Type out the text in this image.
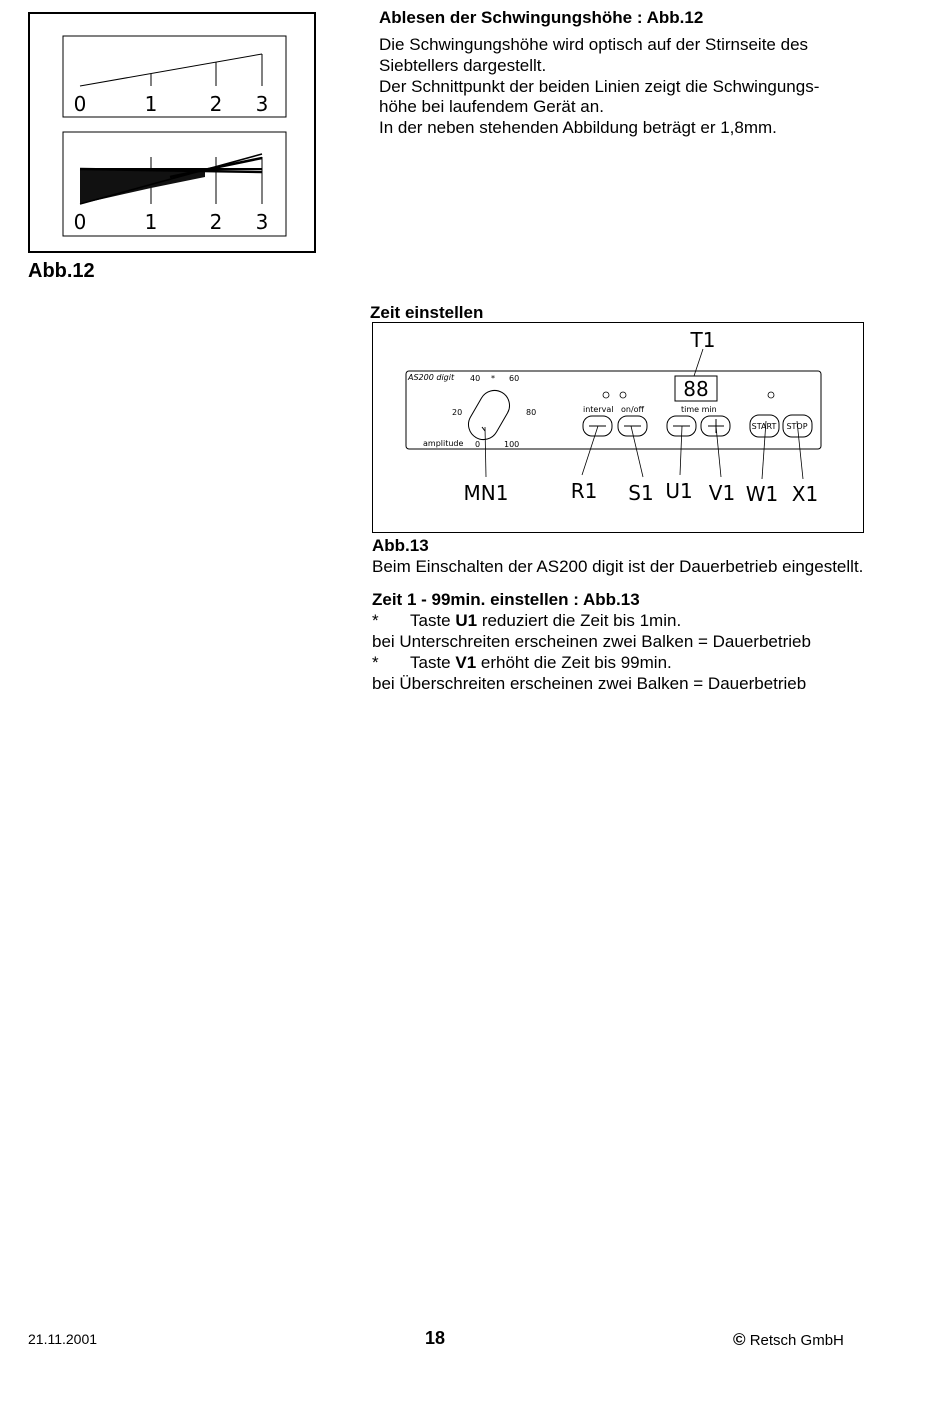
0	1	2 3
0	1	2 3
Abb.12
Ablesen der Schwingungshöhe : Abb.12
Die Schwingungshöhe wird optisch auf der Stirnseite des
Siebtellers dargestellt.
Der Schnittpunkt der beiden Linien zeigt die Schwingungs-
höhe bei laufendem Gerät an.
In der neben stehenden Abbildung beträgt er 1,8mm.
Zeit einstellen
AS200 digit 40 * 60
20	80
0	100
amplitude
interval on/off	time min
88
START STOP
T1
MN1	R1 S1 U1 V1 W1 X1
Abb.13
Beim Einschalten der AS200 digit ist der Dauerbetrieb eingestellt.
Zeit 1 - 99min. einstellen : Abb.13
* Taste U1 reduziert die Zeit bis 1min.
bei Unterschreiten erscheinen zwei Balken = Dauerbetrieb
* Taste V1 erhöht die Zeit bis 99min.
bei Überschreiten erscheinen zwei Balken = Dauerbetrieb
21.11.2001	18	© Retsch GmbH
